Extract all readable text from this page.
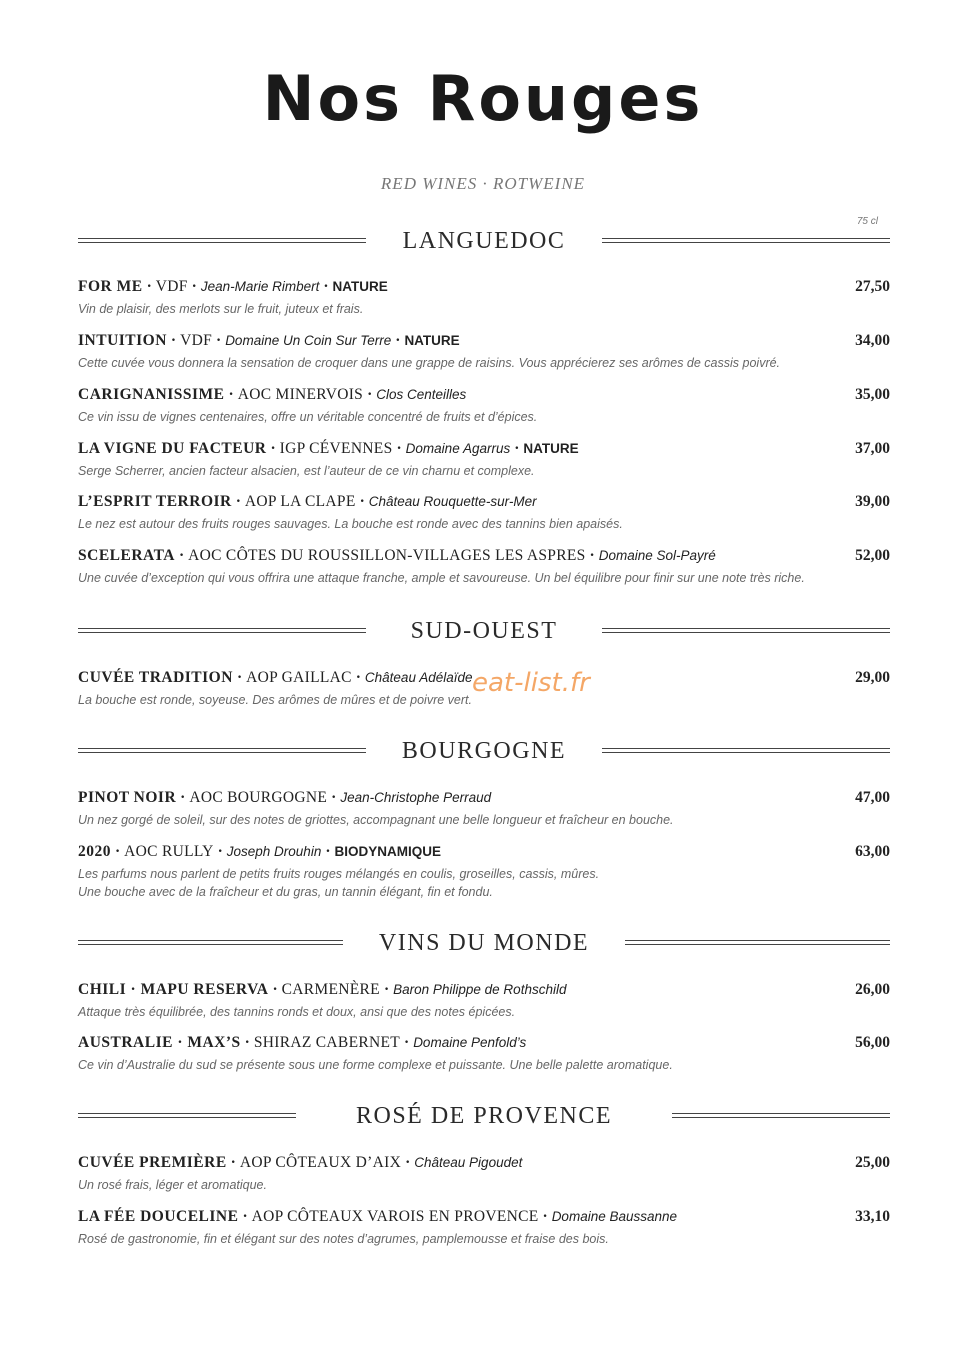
Nos Rouges
RED WINES · ROTWEINE
75 cl
LANGUEDOC
FOR ME · VDF · Jean-Marie Rimbert · NATURE	27,50
Vin de plaisir, des merlots sur le fruit, juteux et frais.
INTUITION · VDF · Domaine Un Coin Sur Terre · NATURE	34,00
Cette cuvée vous donnera la sensation de croquer dans une grappe de raisins. Vous apprécierez ses arômes de cassis poivré.
CARIGNANISSIME · AOC MINERVOIS · Clos Centeilles	35,00
Ce vin issu de vignes centenaires, offre un véritable concentré de fruits et d’épices.
LA VIGNE DU FACTEUR · IGP CÉVENNES · Domaine Agarrus · NATURE	37,00
Serge Scherrer, ancien facteur alsacien, est l’auteur de ce vin charnu et complexe.
L’ESPRIT TERROIR · AOP LA CLAPE · Château Rouquette-sur-Mer	39,00
Le nez est autour des fruits rouges sauvages. La bouche est ronde avec des tannins bien apaisés.
SCELERATA · AOC CÔTES DU ROUSSILLON-VILLAGES LES ASPRES · Domaine Sol-Payré	52,00
Une cuvée d’exception qui vous offrira une attaque franche, ample et savoureuse. Un bel équilibre pour finir sur une note très riche.
SUD-OUEST
CUVÉE TRADITION · AOP GAILLAC · Château Adélaïde	29,00
La bouche est ronde, soyeuse. Des arômes de mûres et de poivre vert.
BOURGOGNE
PINOT NOIR · AOC BOURGOGNE · Jean-Christophe Perraud	47,00
Un nez gorgé de soleil, sur des notes de griottes, accompagnant une belle longueur et fraîcheur en bouche.
2020 · AOC RULLY · Joseph Drouhin · BIODYNAMIQUE	63,00
Les parfums nous parlent de petits fruits rouges mélangés en coulis, groseilles, cassis, mûres.
Une bouche avec de la fraîcheur et du gras, un tannin élégant, fin et fondu.
VINS DU MONDE
CHILI · MAPU RESERVA · CARMENÈRE · Baron Philippe de Rothschild	26,00
Attaque très équilibrée, des tannins ronds et doux, ansi que des notes épicées.
AUSTRALIE · MAX’S · SHIRAZ CABERNET · Domaine Penfold’s	56,00
Ce vin d’Australie du sud se présente sous une forme complexe et puissante. Une belle palette aromatique.
ROSÉ DE PROVENCE
CUVÉE PREMIÈRE · AOP CÔTEAUX D’AIX · Château Pigoudet	25,00
Un rosé frais, léger et aromatique.
LA FÉE DOUCELINE · AOP CÔTEAUX VAROIS EN PROVENCE · Domaine Baussanne	33,10
Rosé de gastronomie, fin et élégant sur des notes d’agrumes, pamplemousse et fraise des bois.
eat-list.fr
